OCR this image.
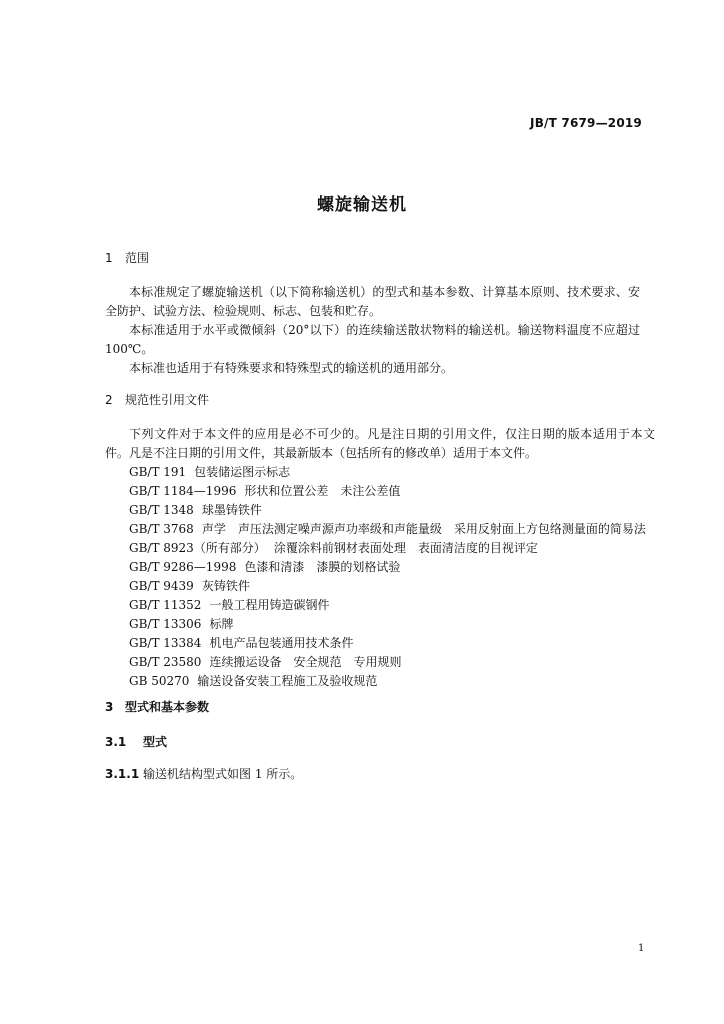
JB/T 7679—2019
螺旋输送机
1 范围

本标准规定了螺旋输送机（以下简称输送机）的型式和基本参数、计算基本原则、技术要求、安全防护、试验方法、检验规则、标志、包装和贮存。

本标准适用于水平或微倾斜（20°以下）的连续输送散状物料的输送机。输送物料温度不应超过100℃。

本标准也适用于有特殊要求和特殊型式的输送机的通用部分。

2 规范性引用文件

下列文件对于本文件的应用是必不可少的。凡是注日期的引用文件，仅注日期的版本适用于本文件。凡是不注日期的引用文件，其最新版本（包括所有的修改单）适用于本文件。

GB/T 191 包装储运图示标志
GB/T 1184—1996 形状和位置公差　未注公差值
GB/T 1348 球墨铸铁件
GB/T 3768 声学　声压法测定噪声源声功率级和声能量级　采用反射面上方包络测量面的简易法
GB/T 8923（所有部分） 涂覆涂料前钢材表面处理　表面清洁度的目视评定
GB/T 9286—1998 色漆和清漆　漆膜的划格试验
GB/T 9439 灰铸铁件
GB/T 11352 一般工程用铸造碳钢件
GB/T 13306 标牌
GB/T 13384 机电产品包装通用技术条件
GB/T 23580 连续搬运设备　安全规范　专用规则
GB 50270 输送设备安装工程施工及验收规范
3 型式和基本参数
3.1 型式
3.1.1 输送机结构型式如图 1 所示。
1
